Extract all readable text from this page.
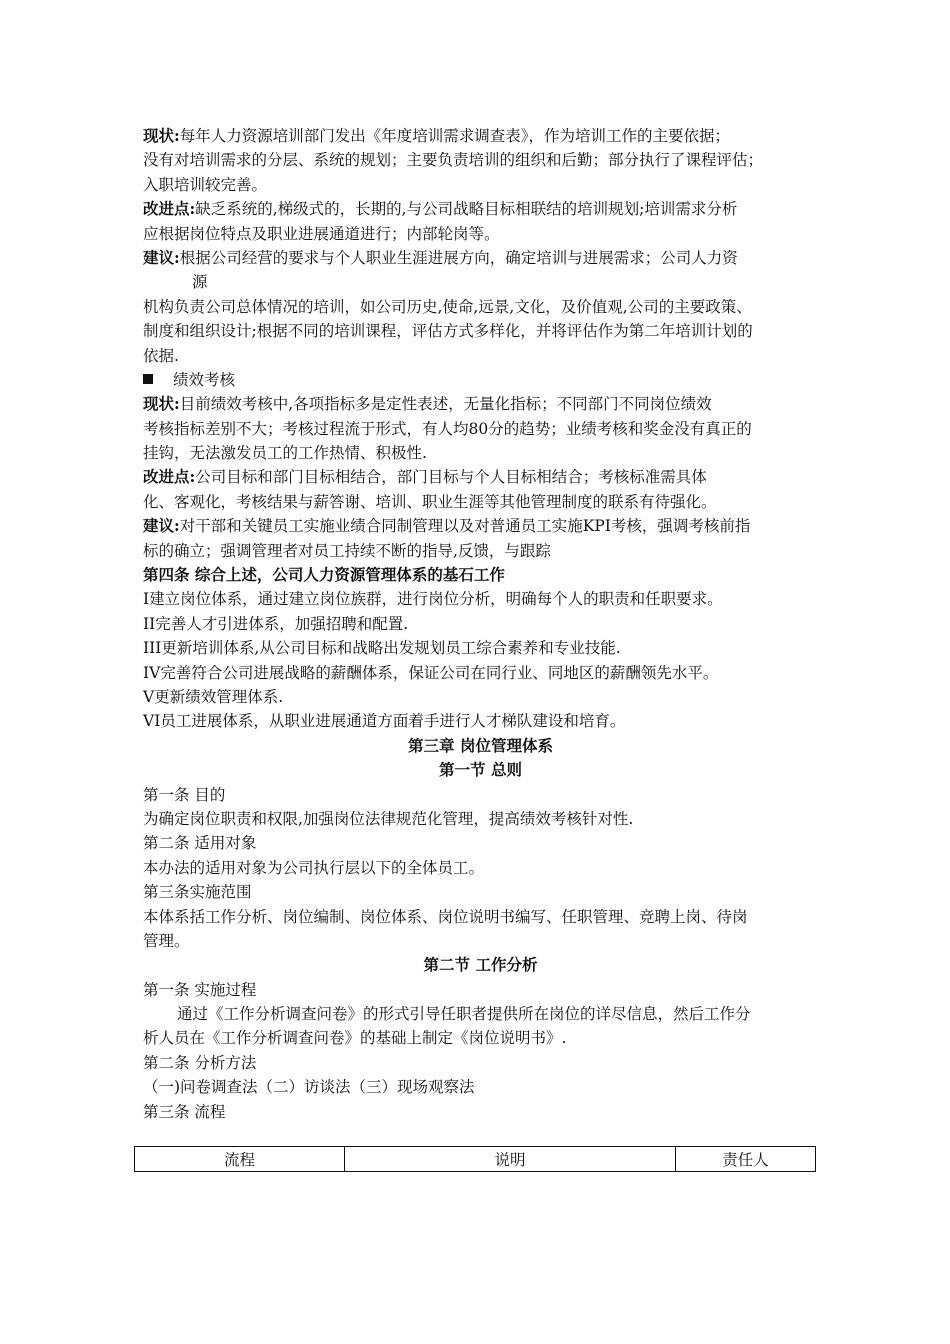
现状:每年人力资源培训部门发出《年度培训需求调查表》，作为培训工作的主要依据；
没有对培训需求的分层、系统的规划；主要负责培训的组织和后勤；部分执行了课程评估；
入职培训较完善。
改进点:缺乏系统的,梯级式的，长期的,与公司战略目标相联结的培训规划;培训需求分析
应根据岗位特点及职业进展通道进行；内部轮岗等。
建议:根据公司经营的要求与个人职业生涯进展方向，确定培训与进展需求；公司人力资
源
机构负责公司总体情况的培训，如公司历史,使命,远景,文化，及价值观,公司的主要政策、
制度和组织设计;根据不同的培训课程，评估方式多样化，并将评估作为第二年培训计划的
依据.
绩效考核
现状:目前绩效考核中,各项指标多是定性表述，无量化指标；不同部门不同岗位绩效
考核指标差别不大；考核过程流于形式，有人均80分的趋势；业绩考核和奖金没有真正的
挂钩，无法激发员工的工作热情、积极性.
改进点:公司目标和部门目标相结合，部门目标与个人目标相结合；考核标准需具体
化、客观化，考核结果与薪答谢、培训、职业生涯等其他管理制度的联系有待强化。
建议:对干部和关键员工实施业绩合同制管理以及对普通员工实施KPI考核，强调考核前指
标的确立；强调管理者对员工持续不断的指导,反馈，与跟踪
第四条 综合上述，公司人力资源管理体系的基石工作
I建立岗位体系，通过建立岗位族群，进行岗位分析，明确每个人的职责和任职要求。
II完善人才引进体系，加强招聘和配置.
III更新培训体系,从公司目标和战略出发规划员工综合素养和专业技能.
IV完善符合公司进展战略的薪酬体系，保证公司在同行业、同地区的薪酬领先水平。
V更新绩效管理体系.
VI员工进展体系，从职业进展通道方面着手进行人才梯队建设和培育。
第三章 岗位管理体系
第一节 总则
第一条 目的
为确定岗位职责和权限,加强岗位法律规范化管理，提高绩效考核针对性.
第二条 适用对象
本办法的适用对象为公司执行层以下的全体员工。
第三条实施范围
本体系括工作分析、岗位编制、岗位体系、岗位说明书编写、任职管理、竞聘上岗、待岗
管理。
第二节 工作分析
第一条 实施过程
通过《工作分析调查问卷》的形式引导任职者提供所在岗位的详尽信息，然后工作分
析人员在《工作分析调查问卷》的基础上制定《岗位说明书》.
第二条 分析方法
（一)问卷调查法（二）访谈法（三）现场观察法
第三条 流程
流程	说明	责任人
